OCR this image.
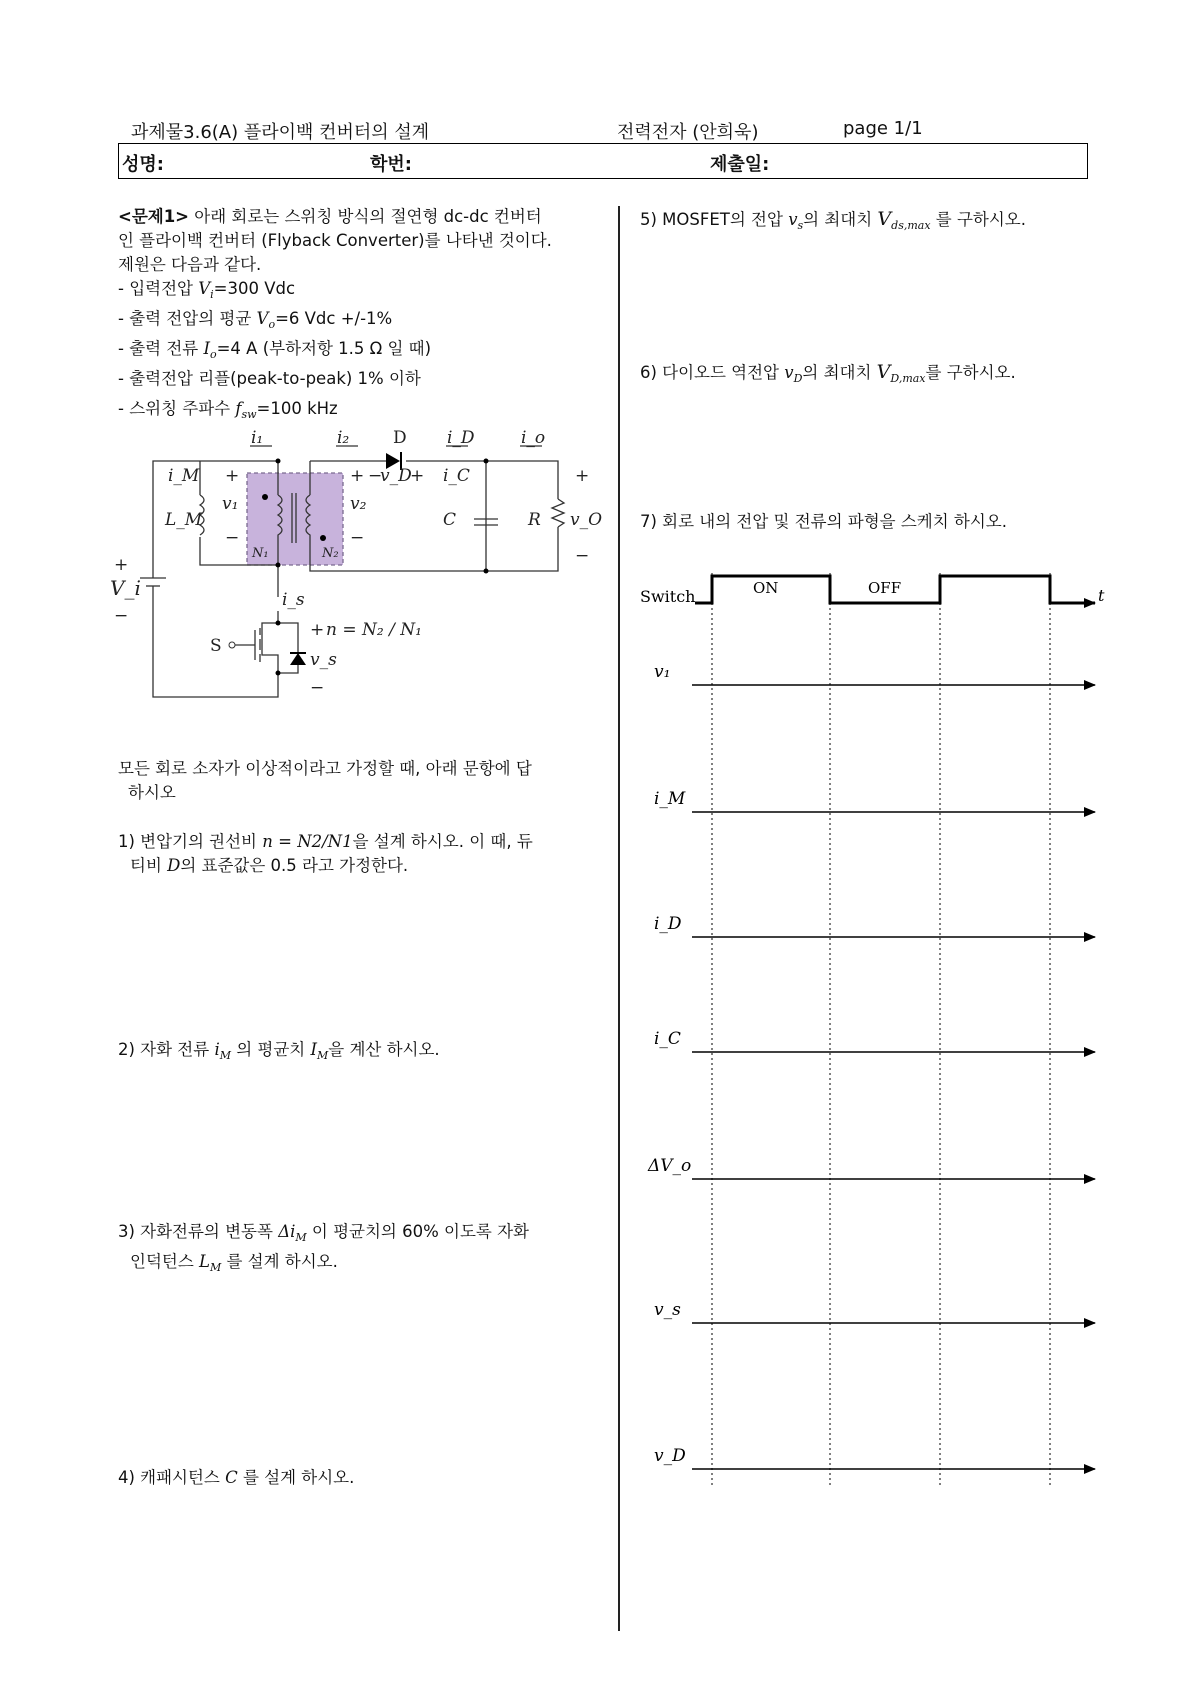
과제물3.6(A) 플라이백 컨버터의 설계	전력전자 (안희욱)	page 1/1
성명:	학번:	제출일:
<문제1> 아래 회로는 스위칭 방식의 절연형 dc-dc 컨버터
인 플라이백 컨버터 (Flyback Converter)를 나타낸 것이다.
제원은 다음과 같다.
- 입력전압 $V_i=300$ Vdc
- 출력 전압의 평균 $V_o=6$ Vdc +/-1%
- 출력 전류 $I_o=4$ A (부하저항 1.5 Ω 일 때)
- 출력전압 리플(peak-to-peak) 1% 이하
- 스위칭 주파수 $f_{sw}=100$ kHz
i₁	i₂	D i_D	i_o
i_M
L_M
+
v₁
−
N₁	N₂
+
v₂
−
−
v_D
+ i_C
C	R
+
v_O
−
+
V_i
−
i_s
+ n = N₂ / N₁
S
v_s
−
모든 회로 소자가 이상적이라고 가정할 때, 아래 문항에 답
하시오
1) 변압기의 권선비 n = N2/N1을 설계 하시오. 이 때, 듀
티비 D의 표준값은 0.5 라고 가정한다.
2) 자화 전류 $i_M$ 의 평균치 $I_M$을 계산 하시오.
3) 자화전류의 변동폭 $\Delta i_M$ 이 평균치의 60% 이도록 자화
인덕턴스 $L_M$ 를 설계 하시오.
4) 캐패시턴스 C 를 설계 하시오.
5) MOSFET의 전압 $v_s$의 최대치 $V_{ds,max}$ 를 구하시오.
6) 다이오드 역전압 $v_D$의 최대치 $V_{D,max}$를 구하시오.
7) 회로 내의 전압 및 전류의 파형을 스케치 하시오.
Switch	ON	OFF	t
v₁
i_M
i_D
i_C
ΔV_o
v_s
v_D
